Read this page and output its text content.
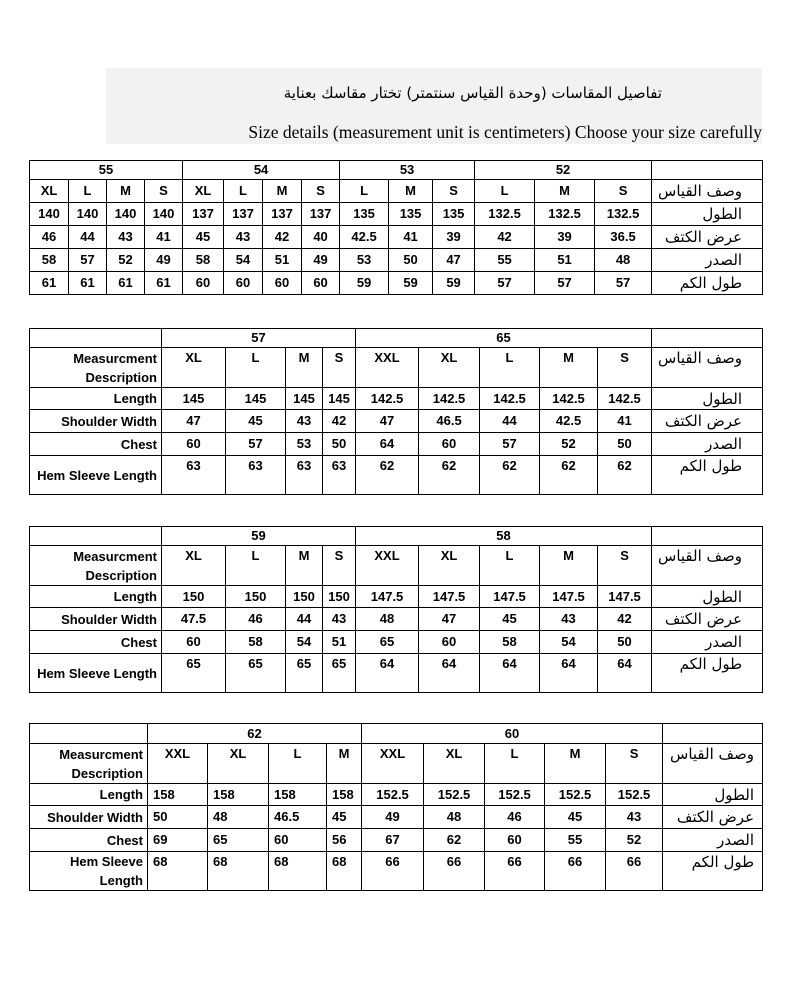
تفاصيل المقاسات (وحدة القياس سنتمتر) تختار مقاسك بعناية
Size details (measurement unit is centimeters) Choose your size carefully
55				54				53			52			
XL	L	M	S	XL	L	M	S	L	M	S	L	M	S	وصف القياس
140	140	140	140	137	137	137	137	135	135	135	132.5	132.5	132.5	الطول
46	44	43	41	45	43	42	40	42.5	41	39	42	39	36.5	عرض الكتف
58	57	52	49	58	54	51	49	53	50	47	55	51	48	الصدر
61	61	61	61	60	60	60	60	59	59	59	57	57	57	طول الكم
	57				65					
Measurcment Description	XL	L	M	S	XXL	XL	L	M	S	وصف القياس
Length	145	145	145	145	142.5	142.5	142.5	142.5	142.5	الطول
Shoulder Width	47	45	43	42	47	46.5	44	42.5	41	عرض الكتف
Chest	60	57	53	50	64	60	57	52	50	الصدر
Hem Sleeve Length	63	63	63	63	62	62	62	62	62	طول الكم
	59				58					
Measurcment Description	XL	L	M	S	XXL	XL	L	M	S	وصف القياس
Length	150	150	150	150	147.5	147.5	147.5	147.5	147.5	الطول
Shoulder Width	47.5	46	44	43	48	47	45	43	42	عرض الكتف
Chest	60	58	54	51	65	60	58	54	50	الصدر
Hem Sleeve Length	65	65	65	65	64	64	64	64	64	طول الكم
	62				60					
Measurcment Description	XXL	XL	L	M	XXL	XL	L	M	S	وصف القياس
Length	158	158	158	158	152.5	152.5	152.5	152.5	152.5	الطول
Shoulder Width	50	48	46.5	45	49	48	46	45	43	عرض الكتف
Chest	69	65	60	56	67	62	60	55	52	الصدر
Hem Sleeve Length	68	68	68	68	66	66	66	66	66	طول الكم
